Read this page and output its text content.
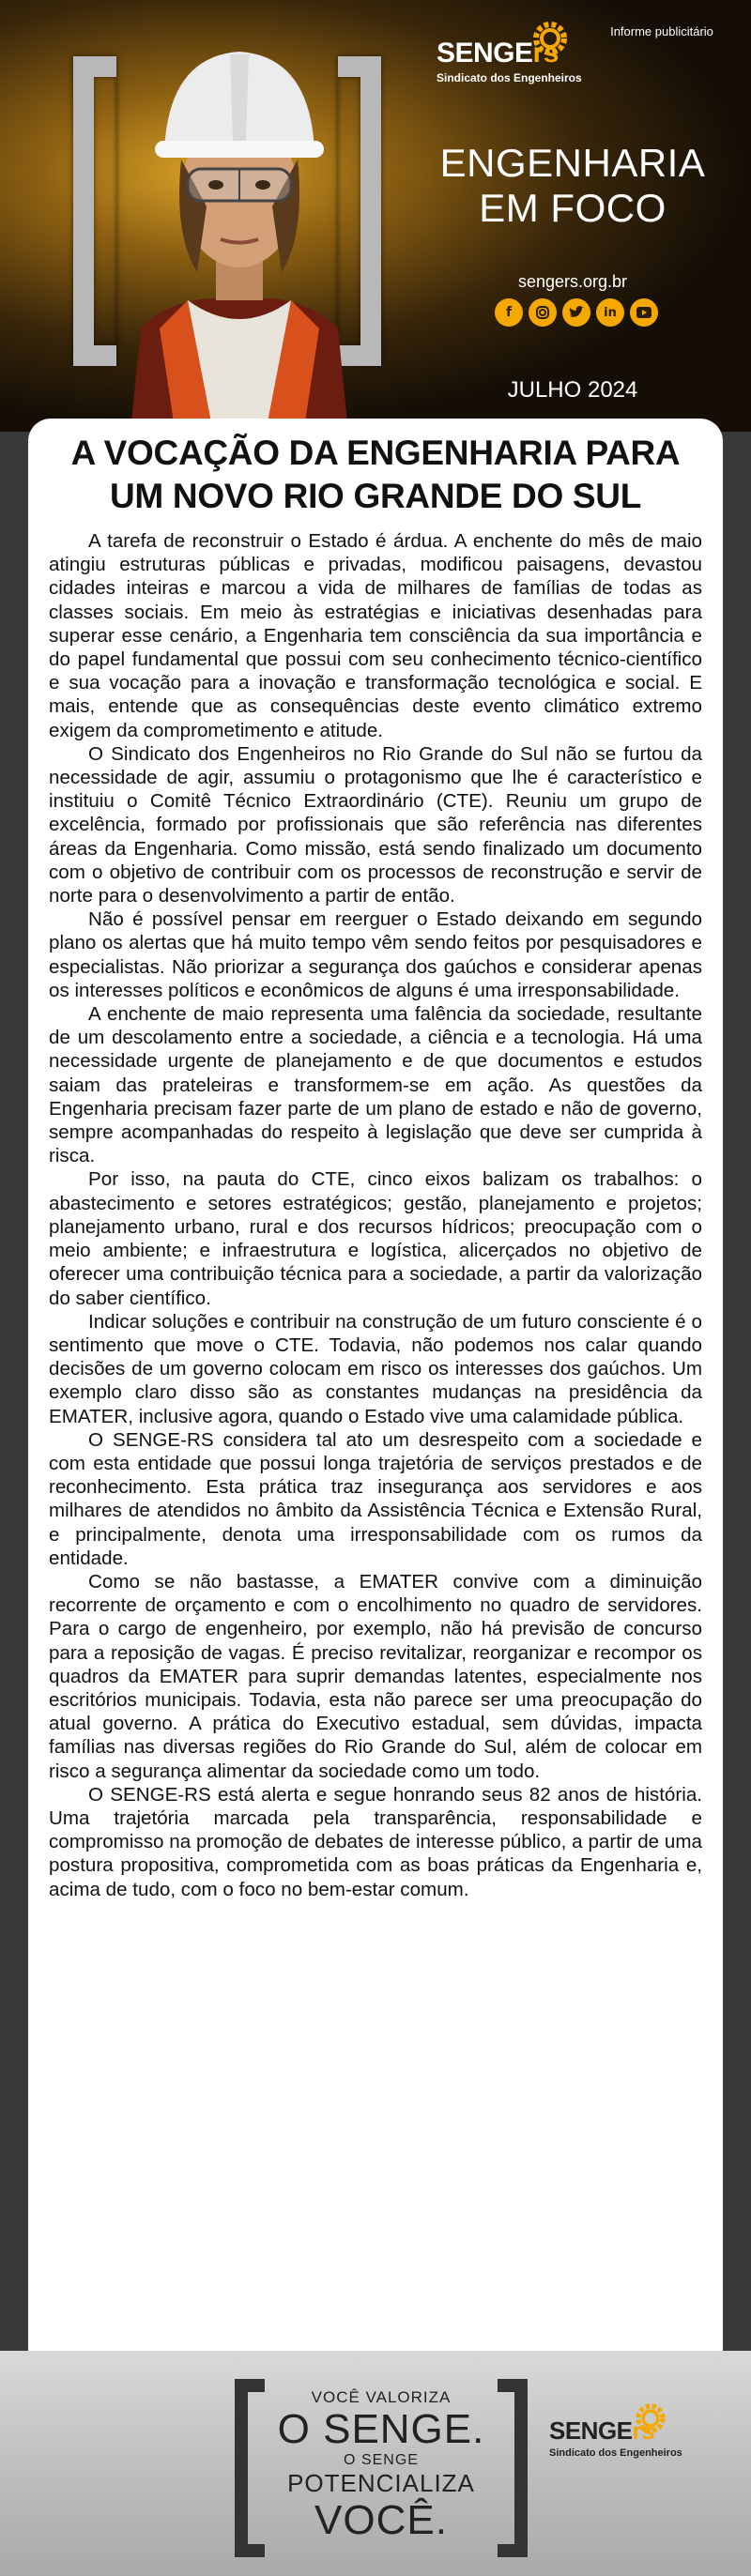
Informe publicitário
SENGErs
Sindicato dos Engenheiros
ENGENHARIA
EM FOCO
sengers.org.br
f	in
JULHO 2024
A VOCAÇÃO DA ENGENHARIA PARA UM NOVO RIO GRANDE DO SUL

A tarefa de reconstruir o Estado é árdua. A enchente do mês de maio atingiu estruturas públicas e privadas, modificou paisagens, devastou cidades inteiras e marcou a vida de milhares de famílias de todas as classes sociais. Em meio às estratégias e iniciativas desenhadas para superar esse cenário, a Engenharia tem consciência da sua importância e do papel fundamental que possui com seu conhecimento técnico-científico e sua vocação para a inovação e transformação tecnológica e social. E mais, entende que as consequências deste evento climático extremo exigem da comprometimento e atitude.

O Sindicato dos Engenheiros no Rio Grande do Sul não se furtou da necessidade de agir, assumiu o protagonismo que lhe é característico e instituiu o Comitê Técnico Extraordinário (CTE). Reuniu um grupo de excelência, formado por profissionais que são referência nas diferentes áreas da Engenharia. Como missão, está sendo finalizado um documento com o objetivo de contribuir com os processos de reconstrução e servir de norte para o desenvolvimento a partir de então.

Não é possível pensar em reerguer o Estado deixando em segundo plano os alertas que há muito tempo vêm sendo feitos por pesquisadores e especialistas. Não priorizar a segurança dos gaúchos e considerar apenas os interesses políticos e econômicos de alguns é uma irresponsabilidade.

A enchente de maio representa uma falência da sociedade, resultante de um descolamento entre a sociedade, a ciência e a tecnologia. Há uma necessidade urgente de planejamento e de que documentos e estudos saiam das prateleiras e transformem-se em ação. As questões da Engenharia precisam fazer parte de um plano de estado e não de governo, sempre acompanhadas do respeito à legislação que deve ser cumprida à risca.

Por isso, na pauta do CTE, cinco eixos balizam os trabalhos: o abastecimento e setores estratégicos; gestão, planejamento e projetos; planejamento urbano, rural e dos recursos hídricos; preocupação com o meio ambiente; e infraestrutura e logística, alicerçados no objetivo de oferecer uma contribuição técnica para a sociedade, a partir da valorização do saber científico.

Indicar soluções e contribuir na construção de um futuro consciente é o sentimento que move o CTE. Todavia, não podemos nos calar quando decisões de um governo colocam em risco os interesses dos gaúchos. Um exemplo claro disso são as constantes mudanças na presidência da EMATER, inclusive agora, quando o Estado vive uma calamidade pública.

O SENGE-RS considera tal ato um desrespeito com a sociedade e com esta entidade que possui longa trajetória de serviços prestados e de reconhecimento. Esta prática traz insegurança aos servidores e aos milhares de atendidos no âmbito da Assistência Técnica e Extensão Rural, e principalmente, denota uma irresponsabilidade com os rumos da entidade.

Como se não bastasse, a EMATER convive com a diminuição recorrente de orçamento e com o encolhimento no quadro de servidores. Para o cargo de engenheiro, por exemplo, não há previsão de concurso para a reposição de vagas. É preciso revitalizar, reorganizar e recompor os quadros da EMATER para suprir demandas latentes, especialmente nos escritórios municipais. Todavia, esta não parece ser uma preocupação do atual governo. A prática do Executivo estadual, sem dúvidas, impacta famílias nas diversas regiões do Rio Grande do Sul, além de colocar em risco a segurança alimentar da sociedade como um todo.

O SENGE-RS está alerta e segue honrando seus 82 anos de história. Uma trajetória marcada pela transparência, responsabilidade e compromisso na promoção de debates de interesse público, a partir de uma postura propositiva, comprometida com as boas práticas da Engenharia e, acima de tudo, com o foco no bem-estar comum.

VOCÊ VALORIZA
O SENGE.
O SENGE
POTENCIALIZA
VOCÊ.
SENGErs
Sindicato dos Engenheiros
